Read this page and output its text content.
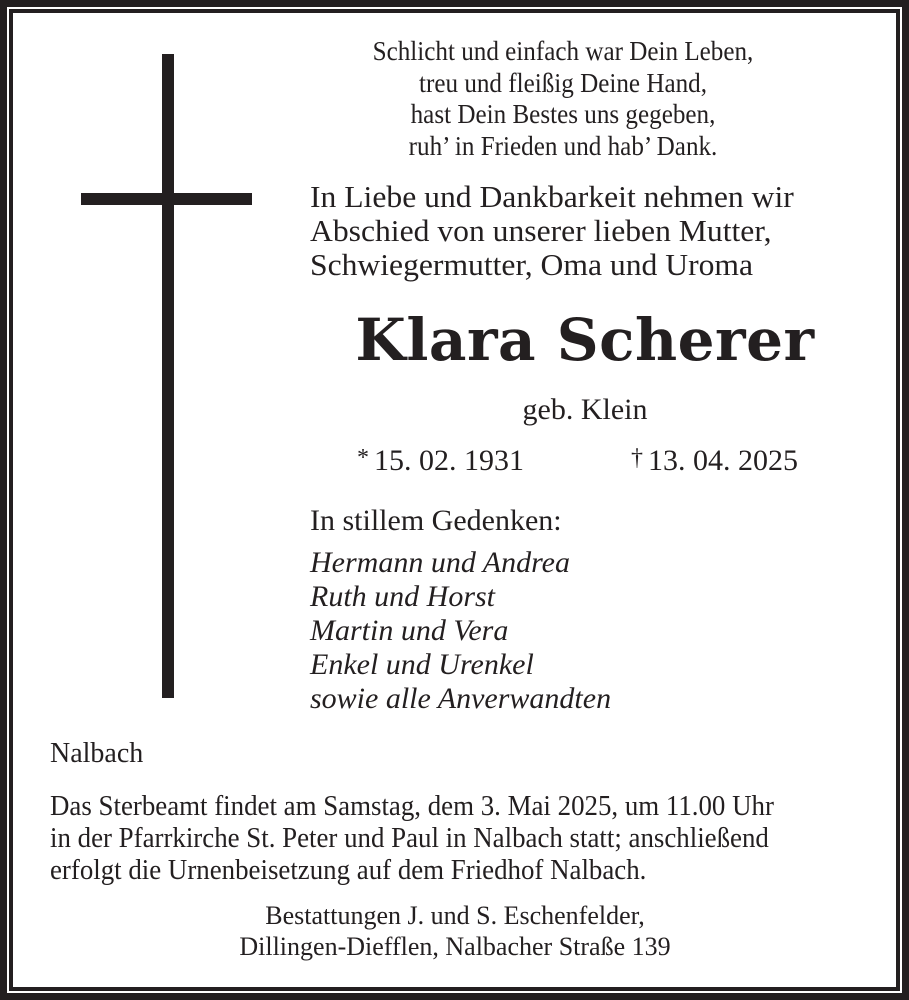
Schlicht und einfach war Dein Leben,
treu und fleißig Deine Hand,
hast Dein Bestes uns gegeben,
ruh’ in Frieden und hab’ Dank.
In Liebe und Dankbarkeit nehmen wir
Abschied von unserer lieben Mutter,
Schwiegermutter, Oma und Uroma
Klara Scherer
geb. Klein
* 15. 02. 1931	† 13. 04. 2025
In stillem Gedenken:
Hermann und Andrea
Ruth und Horst
Martin und Vera
Enkel und Urenkel
sowie alle Anverwandten
Nalbach
Das Sterbeamt findet am Samstag, dem 3. Mai 2025, um 11.00 Uhr
in der Pfarrkirche St. Peter und Paul in Nalbach statt; anschließend
erfolgt die Urnenbeisetzung auf dem Friedhof Nalbach.
Bestattungen J. und S. Eschenfelder,
Dillingen-Diefflen, Nalbacher Straße 139
